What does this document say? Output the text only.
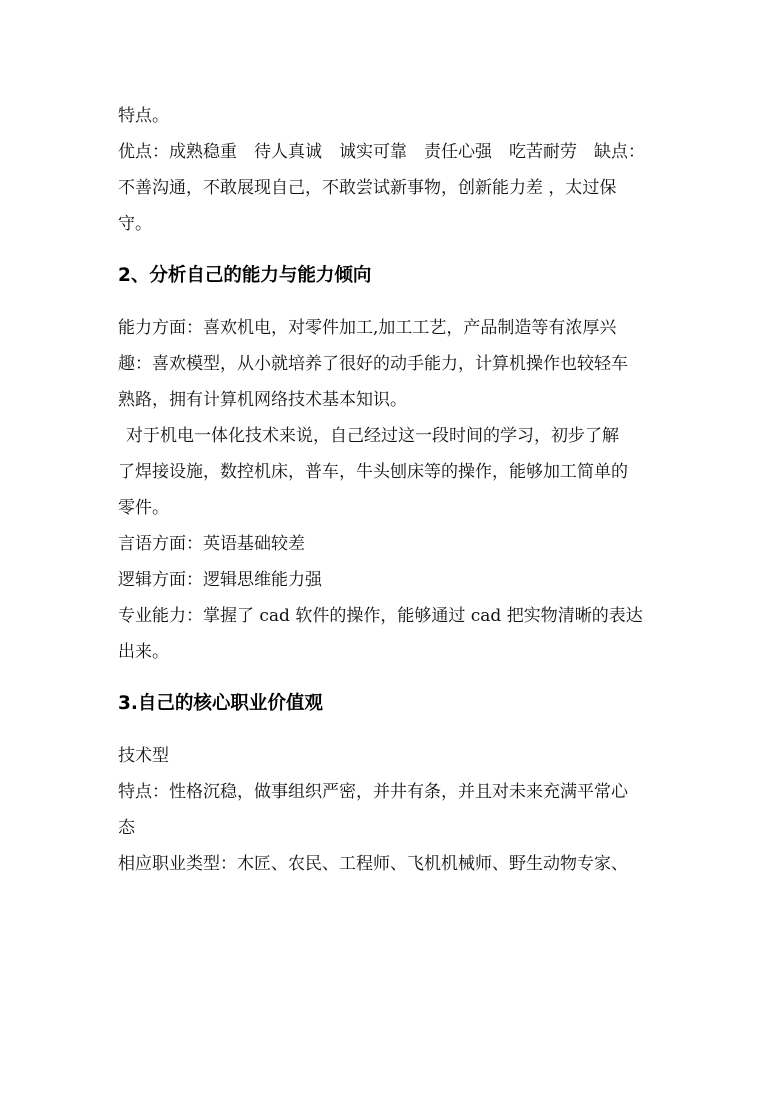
特点。

优点：成熟稳重　待人真诚　诚实可靠　责任心强　吃苦耐劳　缺点：

不善沟通，不敢展现自己，不敢尝试新事物，创新能力差 ，太过保

守。

2、分析自己的能力与能力倾向

能力方面：喜欢机电，对零件加工,加工工艺，产品制造等有浓厚兴

趣：喜欢模型，从小就培养了很好的动手能力，计算机操作也较轻车

熟路，拥有计算机网络技术基本知识。

对于机电一体化技术来说，自己经过这一段时间的学习，初步了解

了焊接设施，数控机床，普车，牛头刨床等的操作，能够加工简单的

零件。

言语方面：英语基础较差

逻辑方面：逻辑思维能力强

专业能力：掌握了 cad 软件的操作，能够通过 cad 把实物清晰的表达

出来。

3.自己的核心职业价值观

技术型

特点：性格沉稳，做事组织严密，并井有条，并且对未来充满平常心

态

相应职业类型：木匠、农民、工程师、飞机机械师、野生动物专家、
